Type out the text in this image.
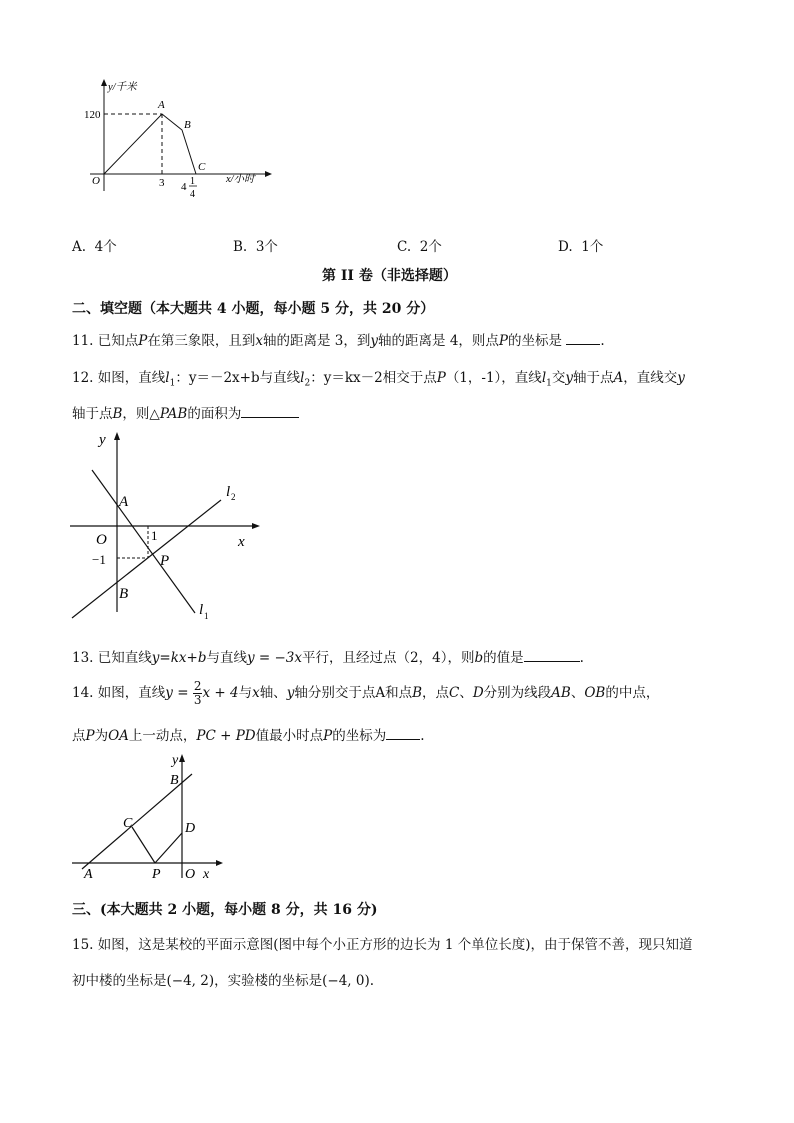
y/千米
120
O	3 4 1
4
x/小时
A
B
C
A. 4个	B. 3个	C. 2个	D. 1个
第 II 卷（非选择题）
二、填空题（本大题共 4 小题，每小题 5 分，共 20 分）
11. 已知点P在第三象限，且到x轴的距离是 3，到y轴的距离是 4，则点P的坐标是	.
12. 如图，直线$l_1$：y＝－2x+b与直线$l_2$：y＝kx－2相交于点P（1，-1），直线$l_1$交y轴于点A，直线交y
轴于点B，则△PAB的面积为
y
x
O
A
B
P
1
−1
l 2
l 1
13. 已知直线y=kx+b与直线y = −3x平行，且经过点（2，4），则b的值是	.
14. 如图，直线$y = \frac{2}{3}$ x + 4与x轴、y轴分别交于点A和点B，点C、D分别为线段AB、OB的中点，
点P为OA上一动点，PC + PD值最小时点P的坐标为	.
y
x
O
A
B
C	D
P
三、(本大题共 2 小题，每小题 8 分，共 16 分)
15. 如图，这是某校的平面示意图(图中每个小正方形的边长为 1 个单位长度)，由于保管不善，现只知道
初中楼的坐标是(−4, 2)，实验楼的坐标是(−4, 0).
